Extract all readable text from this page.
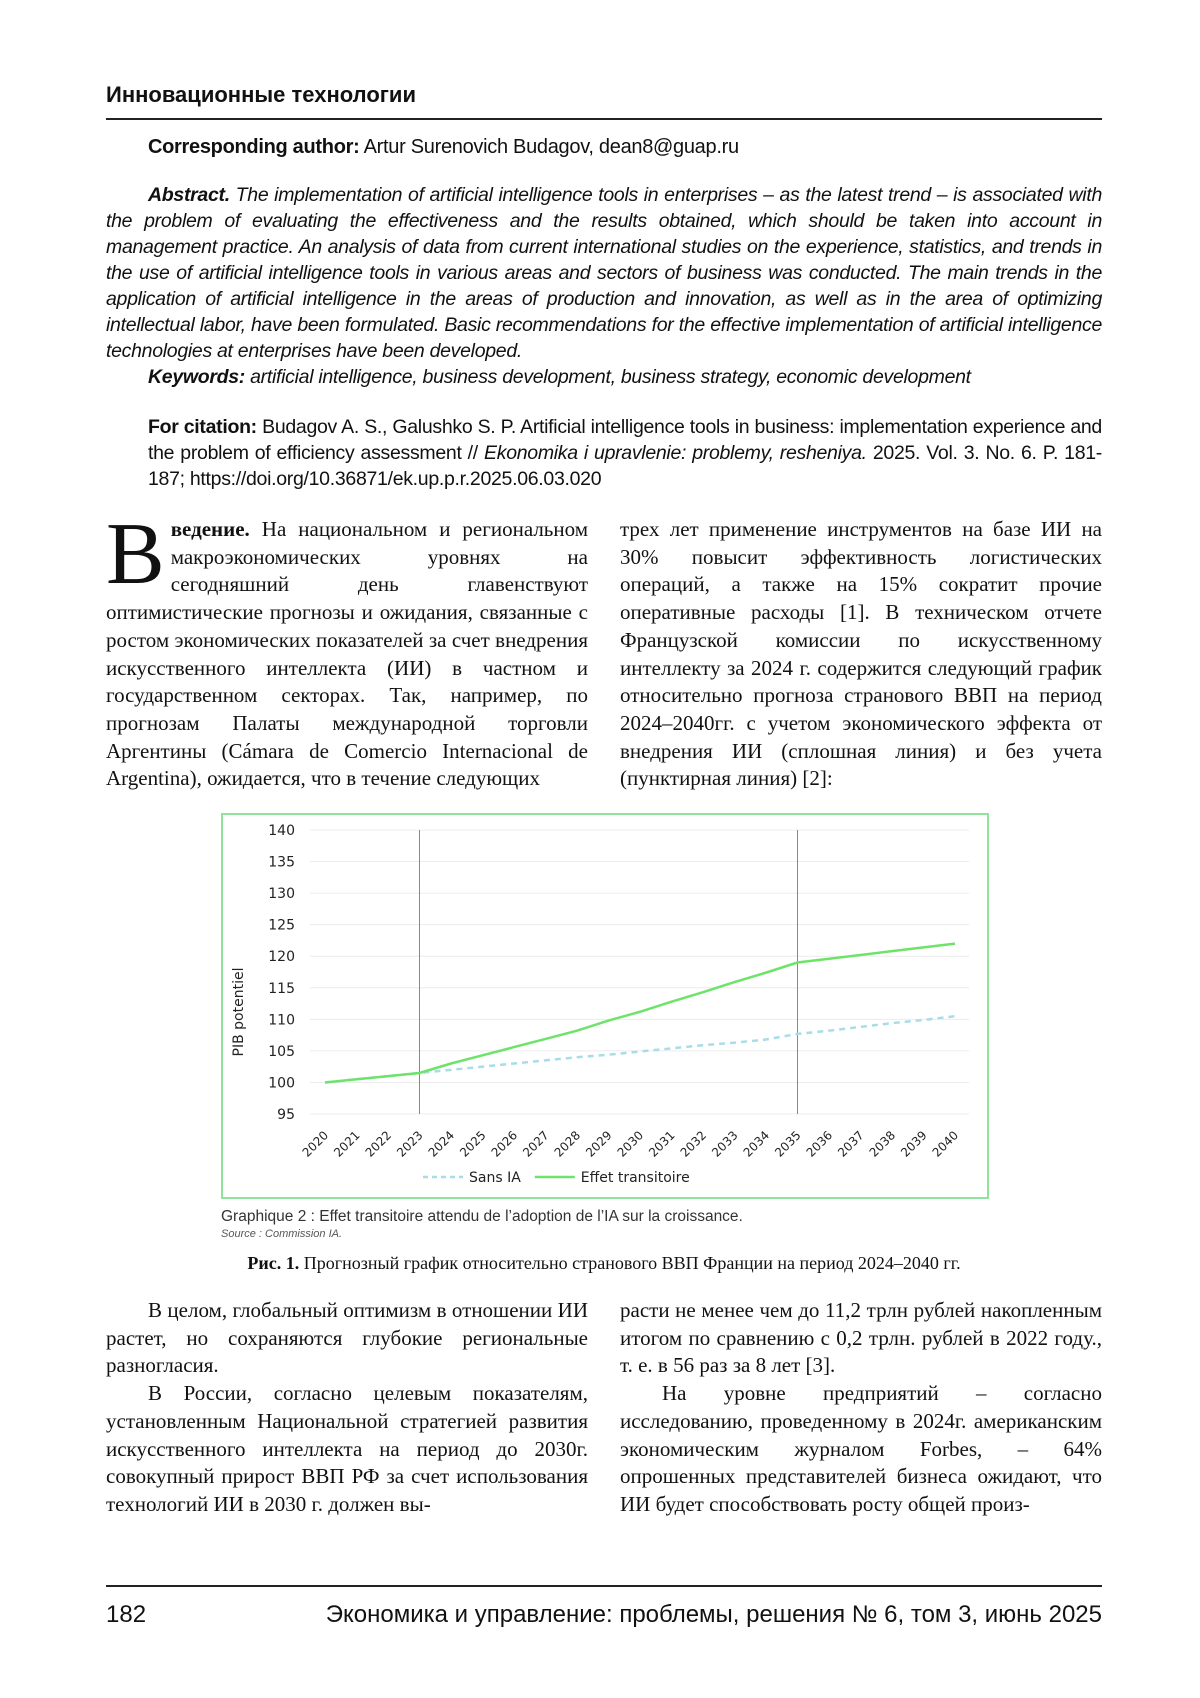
Инновационные технологии
Corresponding author: Artur Surenovich Budagov, dean8@guap.ru
Abstract. The implementation of artificial intelligence tools in enterprises – as the latest trend – is associated with the problem of evaluating the effectiveness and the results obtained, which should be taken into account in management practice. An analysis of data from current international studies on the experience, statistics, and trends in the use of artificial intelligence tools in various areas and sectors of business was conducted. The main trends in the application of artificial intelligence in the areas of production and innovation, as well as in the area of optimizing intellectual labor, have been formulated. Basic recommendations for the effective implementation of artificial intelligence technologies at enterprises have been developed.
Keywords: artificial intelligence, business development, business strategy, economic development
For citation: Budagov A. S., Galushko S. P. Artificial intelligence tools in business: implementation experience and the problem of efficiency assessment // Ekonomika i upravlenie: problemy, resheniya. 2025. Vol. 3. No. 6. P. 181-187; https://doi.org/10.36871/ek.up.p.r.2025.06.03.020

Введение. На национальном и региональном макроэкономических уровнях на сегодняшний день главенствуют оптимистические прогнозы и ожидания, связанные с ростом экономических показателей за счет внедрения искусственного интеллекта (ИИ) в частном и государственном секторах. Так, например, по прогнозам Палаты международной торговли Аргентины (Cámara de Comercio Internacional de Argentina), ожидается, что в течение следующих

трех лет применение инструментов на базе ИИ на 30% повысит эффективность логистических операций, а также на 15% сократит прочие оперативные расходы [1]. В техническом отчете Французской комиссии по искусственному интеллекту за 2024 г. содержится следующий график относительно прогноза странового ВВП на период 2024–2040гг. с учетом экономического эффекта от внедрения ИИ (сплошная линия) и без учета (пунктирная линия) [2]:

95
100
105
110
115
120
125
130
135
140
2020 2021 2022 2023 2024 2025 2026 2027 2028 2029 2030 2031 2032 2033 2034 2035 2036 2037 2038 2039 2040
PIB potentiel
Sans IA	Effet transitoire
Graphique 2 : Effet transitoire attendu de l’adoption de l’IA sur la croissance.
Source : Commission IA.
Рис. 1. Прогнозный график относительно странового ВВП Франции на период 2024–2040 гг.

В целом, глобальный оптимизм в отношении ИИ растет, но сохраняются глубокие региональные разногласия.

В России, согласно целевым показателям, установленным Национальной стратегией развития искусственного интеллекта на период до 2030г. совокупный прирост ВВП РФ за счет использования технологий ИИ в 2030 г. должен вы-

расти не менее чем до 11,2 трлн рублей накопленным итогом по сравнению с 0,2 трлн. рублей в 2022 году., т. е. в 56 раз за 8 лет [3].

На уровне предприятий – согласно исследованию, проведенному в 2024г. американским экономическим журналом Forbes, – 64% опрошенных представителей бизнеса ожидают, что ИИ будет способствовать росту общей произ-

182	Экономика и управление: проблемы, решения № 6, том 3, июнь 2025
